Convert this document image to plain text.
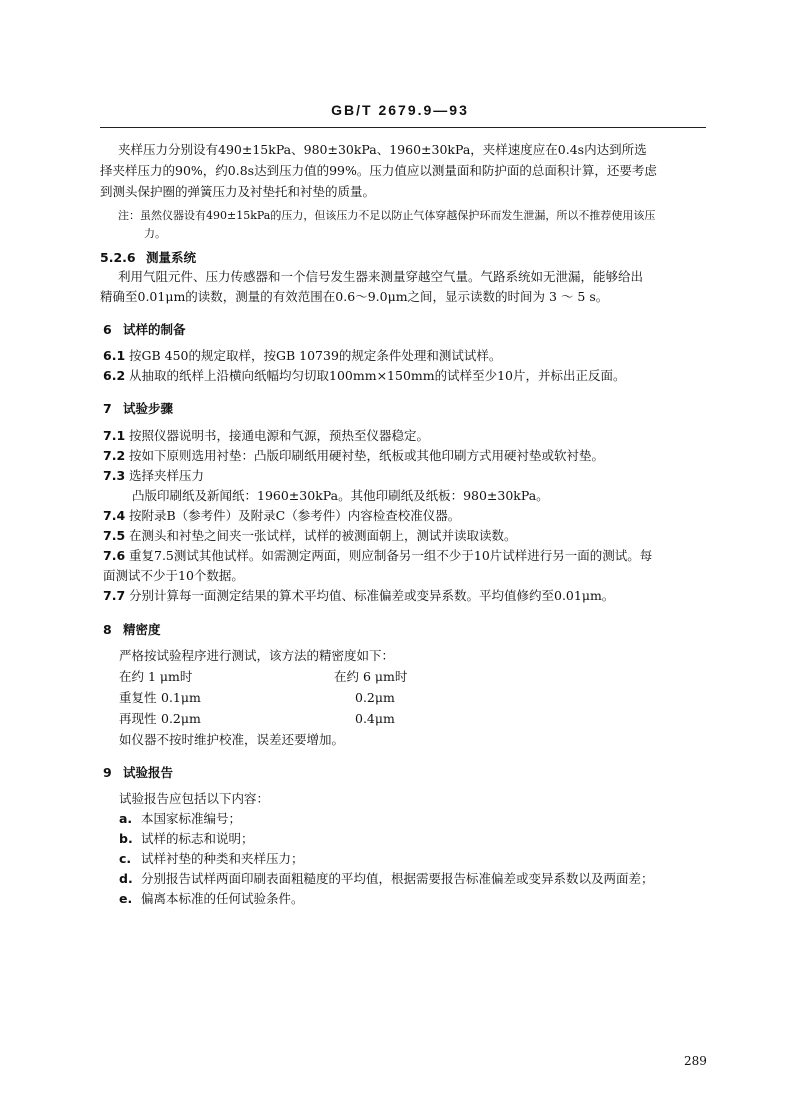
GB/T 2679.9—93
夹样压力分别设有490±15kPa、980±30kPa、1960±30kPa，夹样速度应在0.4s内达到所选
择夹样压力的90%，约0.8s达到压力值的99%。压力值应以测量面和防护面的总面积计算，还要考虑
到测头保护圈的弹簧压力及衬垫托和衬垫的质量。
注：虽然仪器设有490±15kPa的压力，但该压力不足以防止气体穿越保护环而发生泄漏，所以不推荐使用该压
力。
5.2.6 测量系统
利用气阻元件、压力传感器和一个信号发生器来测量穿越空气量。气路系统如无泄漏，能够给出
精确至0.01μm的读数，测量的有效范围在0.6～9.0μm之间，显示读数的时间为 3 ～ 5 s。
6 试样的制备
6.1 按GB 450的规定取样，按GB 10739的规定条件处理和测试试样。
6.2 从抽取的纸样上沿横向纸幅均匀切取100mm×150mm的试样至少10片，并标出正反面。
7 试验步骤
7.1 按照仪器说明书，接通电源和气源，预热至仪器稳定。
7.2 按如下原则选用衬垫：凸版印刷纸用硬衬垫，纸板或其他印刷方式用硬衬垫或软衬垫。
7.3 选择夹样压力
凸版印刷纸及新闻纸：1960±30kPa。其他印刷纸及纸板：980±30kPa。
7.4 按附录B（参考件）及附录C（参考件）内容检查校准仪器。
7.5 在测头和衬垫之间夹一张试样，试样的被测面朝上，测试并读取读数。
7.6 重复7.5测试其他试样。如需测定两面，则应制备另一组不少于10片试样进行另一面的测试。每
面测试不少于10个数据。
7.7 分别计算每一面测定结果的算术平均值、标准偏差或变异系数。平均值修约至0.01μm。
8 精密度
严格按试验程序进行测试，该方法的精密度如下：
在约 1 μm时	在约 6 μm时
重复性 0.1μm	0.2μm
再现性 0.2μm	0.4μm
如仪器不按时维护校准，误差还要增加。
9 试验报告
试验报告应包括以下内容：
a. 本国家标准编号；
b. 试样的标志和说明；
c. 试样衬垫的种类和夹样压力；
d. 分别报告试样两面印刷表面粗糙度的平均值，根据需要报告标准偏差或变异系数以及两面差；
e. 偏离本标准的任何试验条件。
289
